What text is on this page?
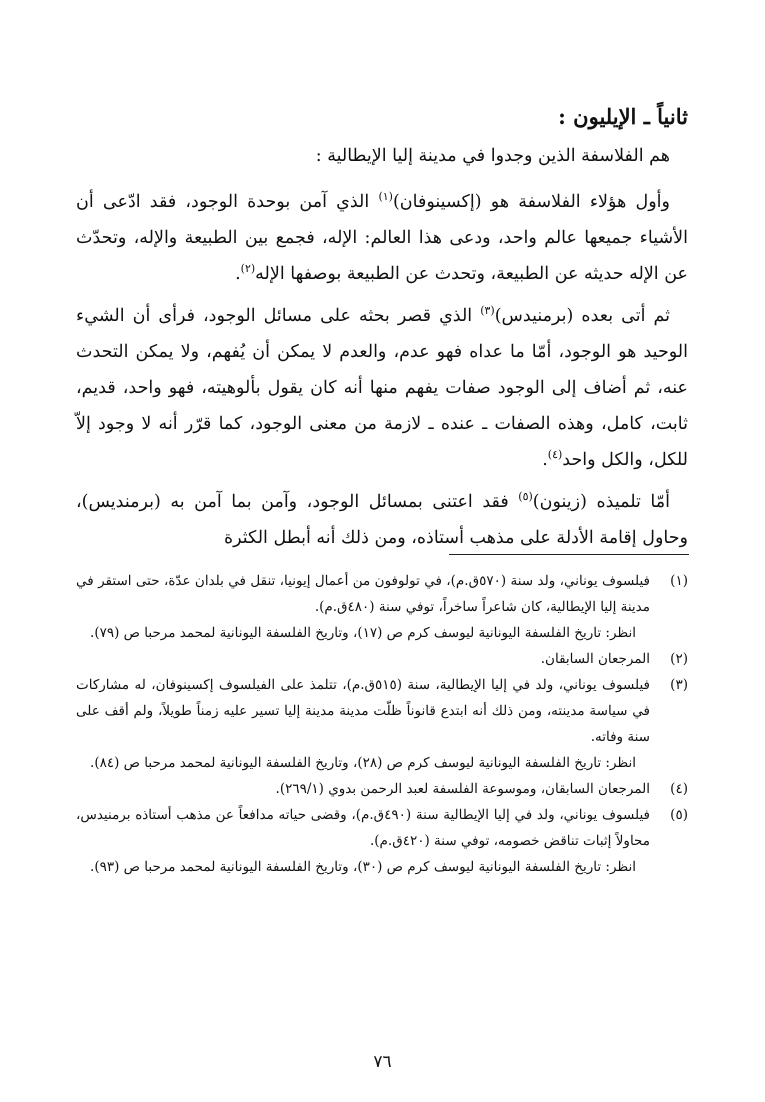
ثانياً ـ الإيليون :

هم الفلاسفة الذين وجدوا في مدينة إليا الإيطالية :

وأول هؤلاء الفلاسفة هو (إكسينوفان)$^{(١)}$ الذي آمن بوحدة الوجود، فقد ادّعى أن الأشياء جميعها عالم واحد، ودعى هذا العالم: الإله، فجمع بين الطبيعة والإله، وتحدّث عن الإله حديثه عن الطبيعة، وتحدث عن الطبيعة بوصفها الإله$^{(٢)}$.

ثم أتى بعده (برمنيدس)$^{(٣)}$ الذي قصر بحثه على مسائل الوجود، فرأى أن الشيء الوحيد هو الوجود، أمّا ما عداه فهو عدم، والعدم لا يمكن أن يُفهم، ولا يمكن التحدث عنه، ثم أضاف إلى الوجود صفات يفهم منها أنه كان يقول بألوهيته، فهو واحد، قديم، ثابت، كامل، وهذه الصفات ـ عنده ـ لازمة من معنى الوجود، كما قرّر أنه لا وجود إلاّ للكل، والكل واحد$^{(٤)}$.

أمّا تلميذه (زينون)$^{(٥)}$ فقد اعتنى بمسائل الوجود، وآمن بما آمن به (برمنديس)، وحاول إقامة الأدلة على مذهب أستاذه، ومن ذلك أنه أبطل الكثرة

(١)
فيلسوف يوناني، ولد سنة (٥٧٠ق.م)، في تولوفون من أعمال إيونيا، تنقل في بلدان عدّة، حتى استقر في مدينة إليا الإيطالية، كان شاعراً ساخراً، توفي سنة (٤٨٠ق.م).
انظر: تاريخ الفلسفة اليونانية ليوسف كرم ص (١٧)، وتاريخ الفلسفة اليونانية لمحمد مرحبا ص (٧٩).
(٢)
المرجعان السابقان.
(٣)
فيلسوف يوناني، ولد في إليا الإيطالية، سنة (٥١٥ق.م)، تتلمذ على الفيلسوف إكسينوفان، له مشاركات في سياسة مدينته، ومن ذلك أنه ابتدع قانوناً ظلّت مدينة مدينة إليا تسير عليه زمناً طويلاً، ولم أقف على سنة وفاته.
انظر: تاريخ الفلسفة اليونانية ليوسف كرم ص (٢٨)، وتاريخ الفلسفة اليونانية لمحمد مرحبا ص (٨٤).
(٤)
المرجعان السابقان، وموسوعة الفلسفة لعبد الرحمن بدوي (٢٦٩/١).
(٥)
فيلسوف يوناني، ولد في إليا الإيطالية سنة (٤٩٠ق.م)، وقضى حياته مدافعاً عن مذهب أستاذه برمنيدس، محاولاً إثبات تناقض خصومه، توفي سنة (٤٢٠ق.م).
انظر: تاريخ الفلسفة اليونانية ليوسف كرم ص (٣٠)، وتاريخ الفلسفة اليونانية لمحمد مرحبا ص (٩٣).
٧٦
